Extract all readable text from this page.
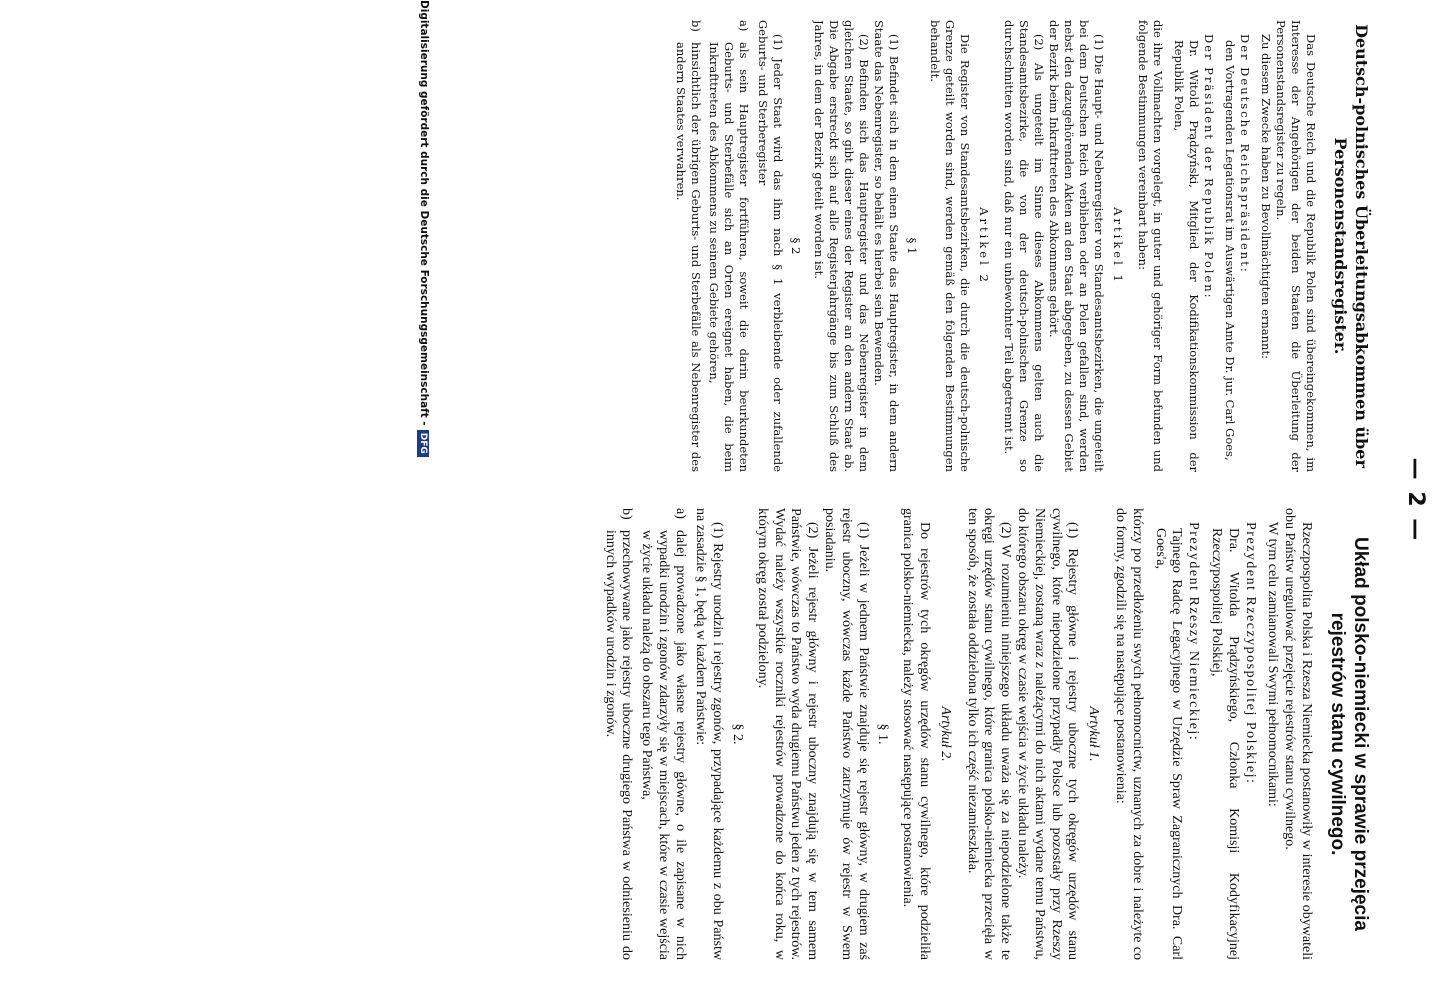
— 2 —
Deutsch-polnisches Überleitungsabkommen über Personenstandsregister.

Das Deutsche Reich und die Republik Polen sind übereingekommen, im Interesse der Angehörigen der beiden Staaten die Überleitung der Personenstandsregister zu regeln.

Zu diesem Zwecke haben zu Bevollmächtigten ernannt:

Der Deutsche Reichspräsident:

den Vortragenden Legationsrat im Auswärtigen Amte Dr. jur. Carl Goes,

Der Präsident der Republik Polen:

Dr. Witold Prądzyński, Mitglied der Kodifikationskommission der Republik Polen,

die ihre Vollmachten vorgelegt, in guter und gehöriger Form befunden und folgende Bestimmungen vereinbart haben:

Artikel 1

(1) Die Haupt- und Nebenregister von Standesamtsbezirken, die ungeteilt bei dem Deutschen Reich verblieben oder an Polen gefallen sind, werden nebst den dazugehörenden Akten an den Staat abgegeben, zu dessen Gebiet der Bezirk beim Inkrafttreten des Abkommens gehört.

(2) Als ungeteilt im Sinne dieses Abkommens gelten auch die Standesamtsbezirke, die von der deutsch-polnischen Grenze so durchschnitten worden sind, daß nur ein unbewohnter Teil abgetrennt ist.

Artikel 2

Die Register von Standesamtsbezirken, die durch die deutsch-polnische Grenze geteilt worden sind, werden gemäß den folgenden Bestimmungen behandelt.

§ 1

(1) Befindet sich in dem einen Staate das Hauptregister, in dem andern Staate das Nebenregister, so behält es hierbei sein Bewenden.

(2) Befinden sich das Hauptregister und das Nebenregister in dem gleichen Staate, so gibt dieser eines der Register an den andern Staat ab. Die Abgabe erstreckt sich auf alle Registerjahrgänge bis zum Schluß des Jahres, in dem der Bezirk geteilt worden ist.

§ 2

(1) Jeder Staat wird das ihm nach § 1 verbleibende oder zufallende Geburts- und Sterberegister

a)
als sein Hauptregister fortführen, soweit die darin beurkundeten Geburts- und Sterbefälle sich an Orten ereignet haben, die beim Inkrafttreten des Abkommens zu seinem Gebiete gehören,
b)
hinsichtlich der übrigen Geburts- und Sterbefälle als Nebenregister des andern Staates verwahren.
Układ polsko-niemiecki w sprawie przejęcia rejestrów stanu cywilnego.

Rzeczpospolita Polska i Rzesza Niemiecka postanowiły w interesie obywateli obu Państw uregulować przejęcie rejestrów stanu cywilnego.

W tym celu zamianowali Swymi pełnomocnikami:

Prezydent Rzeczypospolitej Polskiej:

Dra. Witolda Prądzyńskiego, Członka Komisji Kodyfikacyjnej Rzeczypospolitej Polskiej,

Prezydent Rzeszy Niemieckiej:

Tajnego Radcę Legacyjnego w Urzędzie Spraw Zagranicznych Dra. Carl Goes'a,

którzy po przedłożeniu swych pełnomocnictw, uznanych za dobre i należyte co do formy, zgodzili się na następujące postanowienia:

Artykuł 1.

(1) Rejestry główne i rejestry uboczne tych okręgów urzędów stanu cywilnego, które niepodzielone przypadły Polsce lub pozostały przy Rzeszy Niemieckiej, zostaną wraz z należącymi do nich aktami wydane temu Państwu, do którego obszaru okręg w czasie wejścia w życie układu należy.

(2) W rozumieniu niniejszego układu uważa się za niepodzielone także te okręgi urzędów stanu cywilnego, które granica polsko-niemiecka przecięła w ten sposób, że została oddzielona tylko ich część niezamieszkała.

Artykuł 2.

Do rejestrów tych okręgów urzędów stanu cywilnego, które podzieliła granica polsko-niemiecka, należy stosować następujące postanowienia.

§ 1.

(1) Jeżeli w jednem Państwie znajduje się rejestr główny, w drugiem zaś rejestr uboczny, wówczas każde Państwo zatrzymuje ów rejestr w Swem posiadaniu.

(2) Jeżeli rejestr główny i rejestr uboczny znajdują się w tem samem Państwie, wówczas to Państwo wyda drugiemu Państwu jeden z tych rejestrów. Wydać należy wszystkie roczniki rejestrów prowadzone do końca roku, w którym okręg został podzielony.

§ 2.

(1) Rejestry urodzin i rejestry zgonów, przypadające każdemu z obu Państw na zasadzie § 1, będą w każdem Państwie:

a)
dalej prowadzone jako własne rejestry główne, o ile zapisane w nich wypadki urodzin i zgonów zdarzyły się w miejscach, które w czasie wejścia w życie układu należą do obszaru tego Państwa,
b)
przechowywane jako rejestry uboczne drugiego Państwa w odniesieniu do innych wypadków urodzin i zgonów.
Digitalisierung gefördert durch die Deutsche Forschungsgemeinschaft -DFG
